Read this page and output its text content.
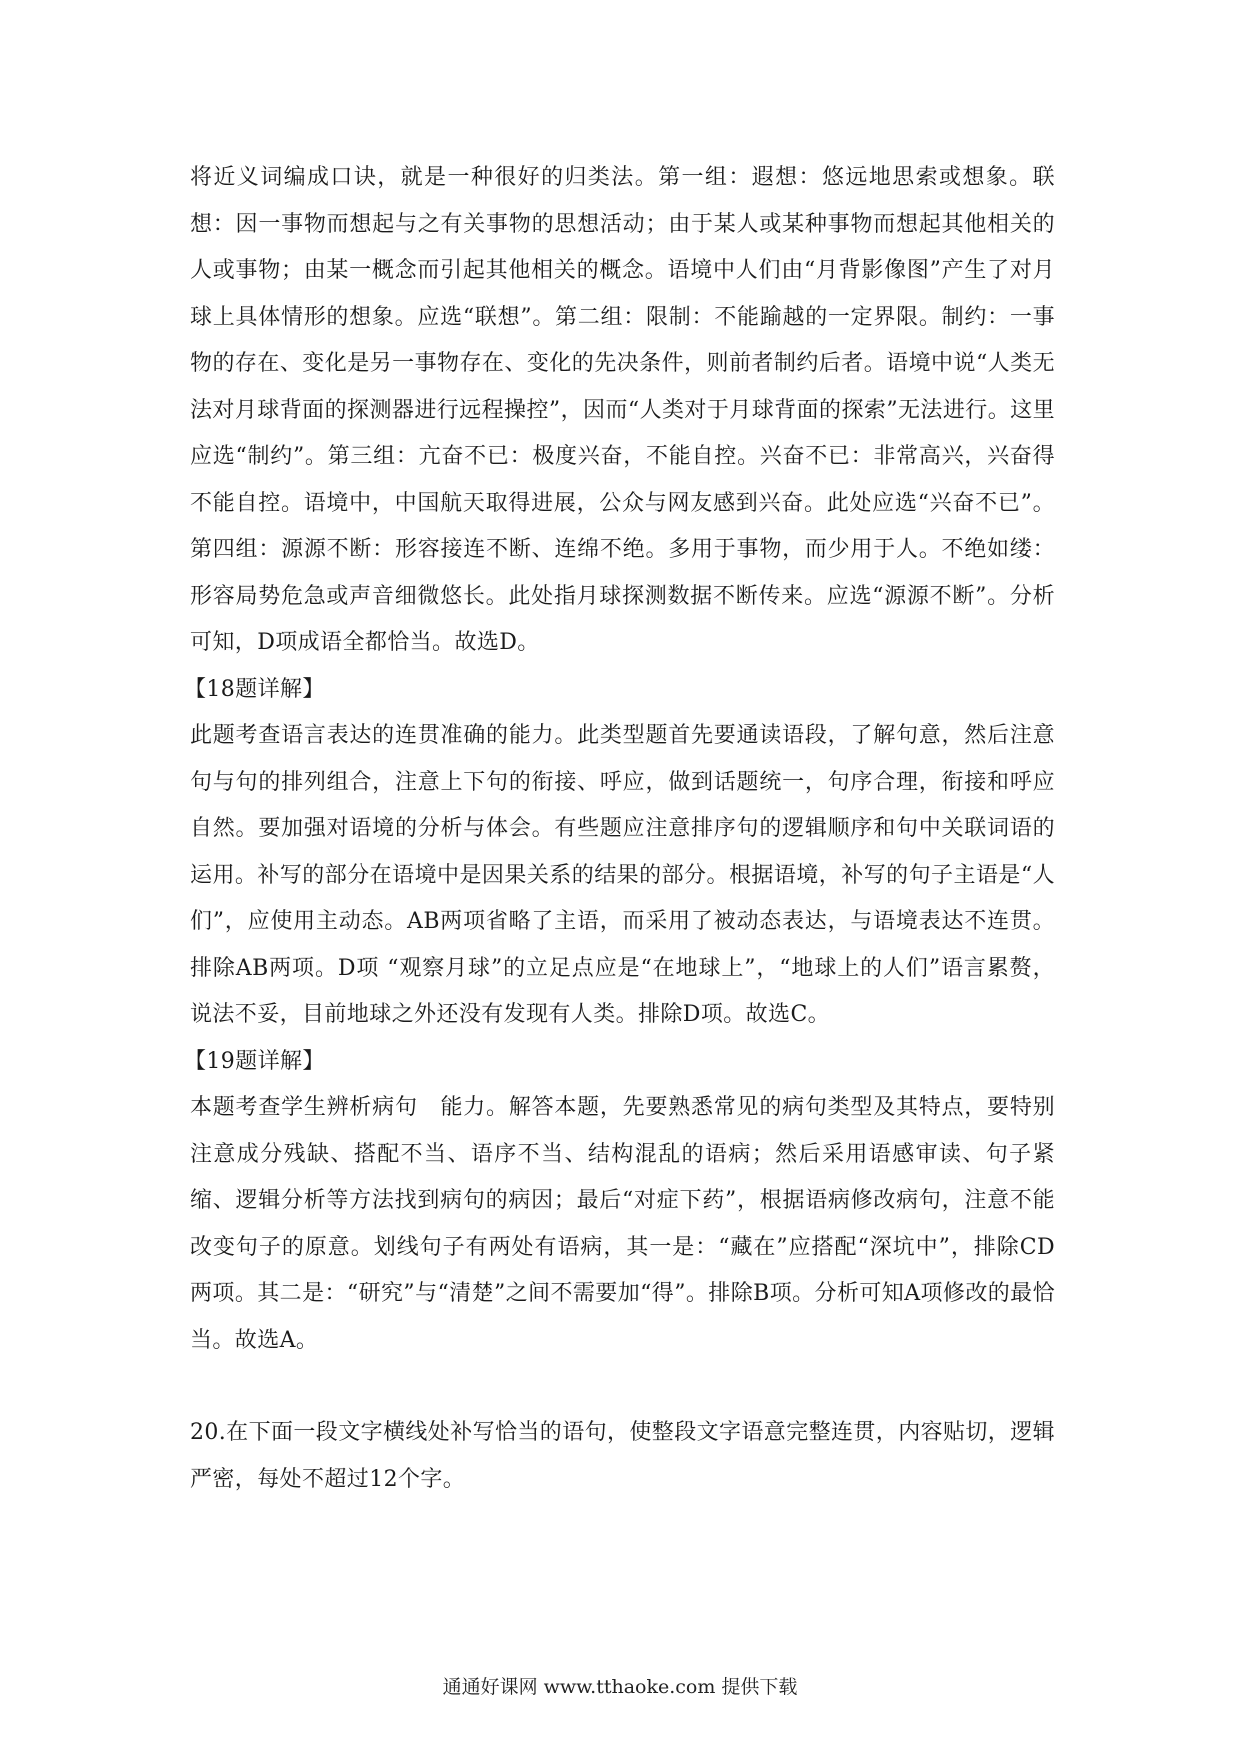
将近义词编成口诀，就是一种很好的归类法。第一组：遐想：悠远地思索或想象。联想：因一事物而想起与之有关事物的思想活动；由于某人或某种事物而想起其他相关的人或事物；由某一概念而引起其他相关的概念。语境中人们由“月背影像图”产生了对月球上具体情形的想象。应选“联想”。第二组：限制：不能踰越的一定界限。制约：一事物的存在、变化是另一事物存在、变化的先决条件，则前者制约后者。语境中说“人类无法对月球背面的探测器进行远程操控”，因而“人类对于月球背面的探索”无法进行。这里应选“制约”。第三组：亢奋不已：极度兴奋，不能自控。兴奋不已：非常高兴，兴奋得不能自控。语境中，中国航天取得进展，公众与网友感到兴奋。此处应选“兴奋不已”。第四组：源源不断：形容接连不断、连绵不绝。多用于事物，而少用于人。不绝如缕：形容局势危急或声音细微悠长。此处指月球探测数据不断传来。应选“源源不断”。分析可知，D项成语全都恰当。故选D。

【18题详解】

此题考查语言表达的连贯准确的能力。此类型题首先要通读语段，了解句意，然后注意句与句的排列组合，注意上下句的衔接、呼应，做到话题统一，句序合理，衔接和呼应自然。要加强对语境的分析与体会。有些题应注意排序句的逻辑顺序和句中关联词语的运用。补写的部分在语境中是因果关系的结果的部分。根据语境，补写的句子主语是“人们”，应使用主动态。AB两项省略了主语，而采用了被动态表达，与语境表达不连贯。排除AB两项。D项 “观察月球”的立足点应是“在地球上”，“地球上的人们”语言累赘，说法不妥，目前地球之外还没有发现有人类。排除D项。故选C。

【19题详解】

本题考查学生辨析病句　能力。解答本题，先要熟悉常见的病句类型及其特点，要特别注意成分残缺、搭配不当、语序不当、结构混乱的语病；然后采用语感审读、句子紧缩、逻辑分析等方法找到病句的病因；最后“对症下药”，根据语病修改病句，注意不能改变句子的原意。划线句子有两处有语病，其一是：“藏在”应搭配“深坑中”，排除CD两项。其二是：“研究”与“清楚”之间不需要加“得”。排除B项。分析可知A项修改的最恰当。故选A。

20.在下面一段文字横线处补写恰当的语句，使整段文字语意完整连贯，内容贴切，逻辑严密，每处不超过12个字。

通通好课网 www.tthaoke.com 提供下载
